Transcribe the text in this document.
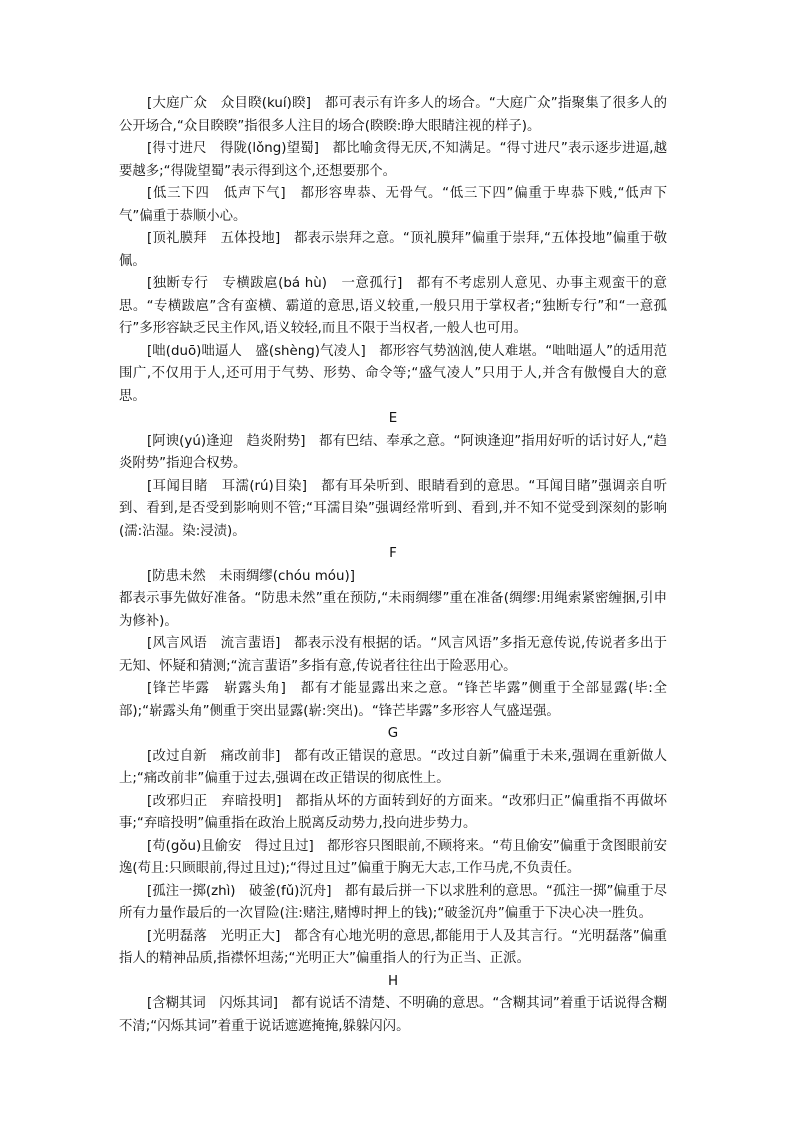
[大庭广众　众目睽(kuí)睽]　都可表示有许多人的场合。“大庭广众”指聚集了很多人的公开场合,“众目睽睽”指很多人注目的场合(睽睽:睁大眼睛注视的样子)。

[得寸进尺　得陇(lǒng)望蜀]　都比喻贪得无厌,不知满足。“得寸进尺”表示逐步进逼,越要越多;“得陇望蜀”表示得到这个,还想要那个。

[低三下四　低声下气]　都形容卑恭、无骨气。“低三下四”偏重于卑恭下贱,“低声下气”偏重于恭顺小心。

[顶礼膜拜　五体投地]　都表示崇拜之意。“顶礼膜拜”偏重于崇拜,“五体投地”偏重于敬佩。

[独断专行　专横跋扈(bá hù)　一意孤行]　都有不考虑别人意见、办事主观蛮干的意思。“专横跋扈”含有蛮横、霸道的意思,语义较重,一般只用于掌权者;“独断专行”和“一意孤行”多形容缺乏民主作风,语义较轻,而且不限于当权者,一般人也可用。

[咄(duō)咄逼人　盛(shèng)气凌人]　都形容气势汹汹,使人难堪。“咄咄逼人”的适用范围广,不仅用于人,还可用于气势、形势、命令等;“盛气凌人”只用于人,并含有傲慢自大的意思。

E

[阿谀(yú)逢迎　趋炎附势]　都有巴结、奉承之意。“阿谀逢迎”指用好听的话讨好人,“趋炎附势”指迎合权势。

[耳闻目睹　耳濡(rú)目染]　都有耳朵听到、眼睛看到的意思。“耳闻目睹”强调亲自听到、看到,是否受到影响则不管;“耳濡目染”强调经常听到、看到,并不知不觉受到深刻的影响(濡:沾湿。染:浸渍)。

F

[防患未然　未雨绸缪(chóu móu)]

都表示事先做好准备。“防患未然”重在预防,“未雨绸缪”重在准备(绸缪:用绳索紧密缠捆,引申为修补)。

[风言风语　流言蜚语]　都表示没有根据的话。“风言风语”多指无意传说,传说者多出于无知、怀疑和猜测;“流言蜚语”多指有意,传说者往往出于险恶用心。

[锋芒毕露　崭露头角]　都有才能显露出来之意。“锋芒毕露”侧重于全部显露(毕:全部);“崭露头角”侧重于突出显露(崭:突出)。“锋芒毕露”多形容人气盛逞强。

G

[改过自新　痛改前非]　都有改正错误的意思。“改过自新”偏重于未来,强调在重新做人上;“痛改前非”偏重于过去,强调在改正错误的彻底性上。

[改邪归正　弃暗投明]　都指从坏的方面转到好的方面来。“改邪归正”偏重指不再做坏事;“弃暗投明”偏重指在政治上脱离反动势力,投向进步势力。

[苟(gǒu)且偷安　得过且过]　都形容只图眼前,不顾将来。“苟且偷安”偏重于贪图眼前安逸(苟且:只顾眼前,得过且过);“得过且过”偏重于胸无大志,工作马虎,不负责任。

[孤注一掷(zhì)　破釜(fǔ)沉舟]　都有最后拼一下以求胜利的意思。“孤注一掷”偏重于尽所有力量作最后的一次冒险(注:赌注,赌博时押上的钱);“破釜沉舟”偏重于下决心决一胜负。

[光明磊落　光明正大]　都含有心地光明的意思,都能用于人及其言行。“光明磊落”偏重指人的精神品质,指襟怀坦荡;“光明正大”偏重指人的行为正当、正派。

H

[含糊其词　闪烁其词]　都有说话不清楚、不明确的意思。“含糊其词”着重于话说得含糊不清;“闪烁其词”着重于说话遮遮掩掩,躲躲闪闪。
